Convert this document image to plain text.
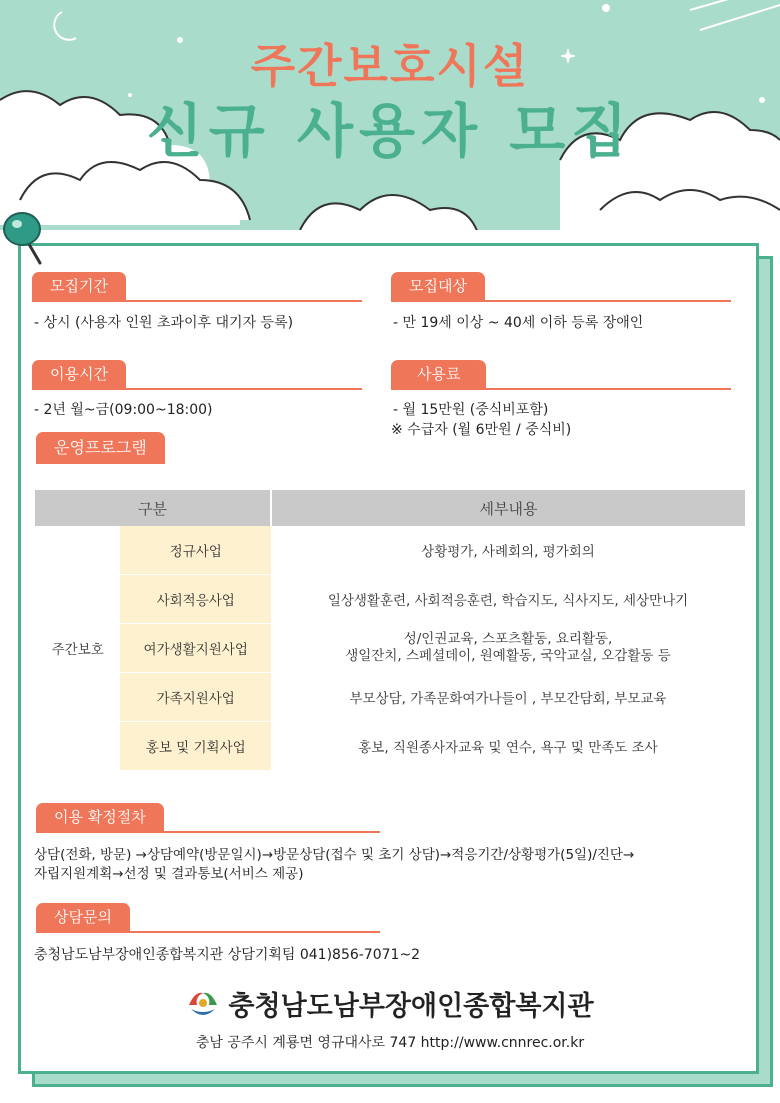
주간보호시설
신규 사용자 모집
모집기간
- 상시 (사용자 인원 초과이후 대기자 등록)
모집대상
- 만 19세 이상 ~ 40세 이하 등록 장애인
이용시간
- 2년 월~금(09:00~18:00)
사용료
- 월 15만원 (중식비포함)
※ 수급자 (월 6만원 / 중식비)
운영프로그램
구분		세부내용
주간보호	정규사업	상황평가, 사례회의, 평가회의
	사회적응사업	일상생활훈련, 사회적응훈련, 학습지도, 식사지도, 세상만나기
	여가생활지원사업	성/인권교육, 스포츠활동, 요리활동,
생일잔치, 스페셜데이, 원예활동, 국악교실, 오감활동 등

	가족지원사업	부모상담, 가족문화여가나들이 , 부모간담회, 부모교육
	홍보 및 기획사업	홍보, 직원종사자교육 및 연수, 욕구 및 만족도 조사
이용 확정절차
상담(전화, 방문) →상담예약(방문일시)→방문상담(접수 및 초기 상담)→적응기간/상황평가(5일)/진단→
자립지원계획→선정 및 결과통보(서비스 제공)
상담문의
충청남도남부장애인종합복지관 상담기획팀 041)856-7071~2
충청남도남부장애인종합복지관
충남 공주시 계룡면 영규대사로 747 http://www.cnnrec.or.kr
